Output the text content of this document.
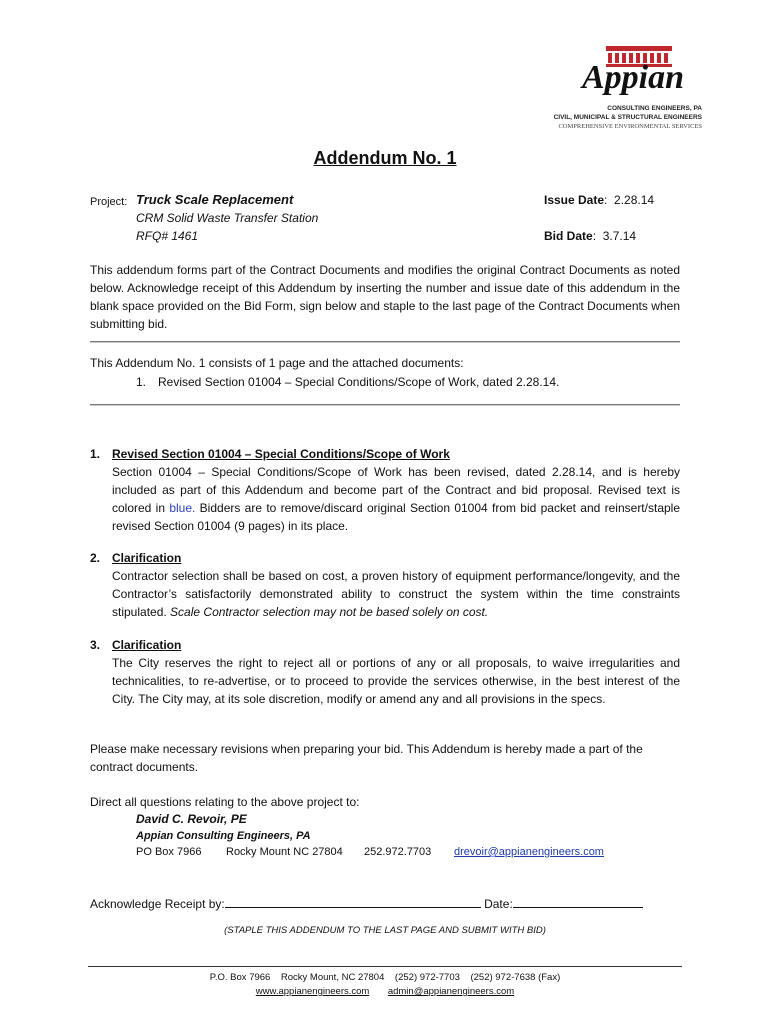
Appian
CONSULTING ENGINEERS, PA
CIVIL, MUNICIPAL & STRUCTURAL ENGINEERS
COMPREHENSIVE ENVIRONMENTAL SERVICES
Addendum No. 1
Project: Truck Scale Replacement
CRM Solid Waste Transfer Station
RFQ# 1461
Issue Date:  2.28.14
Bid Date:  3.7.14
This addendum forms part of the Contract Documents and modifies the original Contract Documents as noted below. Acknowledge receipt of this Addendum by inserting the number and issue date of this addendum in the blank space provided on the Bid Form, sign below and staple to the last page of the Contract Documents when submitting bid.
This Addendum No. 1 consists of 1 page and the attached documents:
1. Revised Section 01004 – Special Conditions/Scope of Work, dated 2.28.14.
1. Revised Section 01004 – Special Conditions/Scope of Work
Section 01004 – Special Conditions/Scope of Work has been revised, dated 2.28.14, and is hereby included as part of this Addendum and become part of the Contract and bid proposal. Revised text is colored in blue. Bidders are to remove/discard original Section 01004 from bid packet and reinsert/staple revised Section 01004 (9 pages) in its place.
2. Clarification
Contractor selection shall be based on cost, a proven history of equipment performance/longevity, and the Contractor’s satisfactorily demonstrated ability to construct the system within the time constraints stipulated. Scale Contractor selection may not be based solely on cost.
3. Clarification
The City reserves the right to reject all or portions of any or all proposals, to waive irregularities and technicalities, to re-advertise, or to proceed to provide the services otherwise, in the best interest of the City. The City may, at its sole discretion, modify or amend any and all provisions in the specs.
Please make necessary revisions when preparing your bid. This Addendum is hereby made a part of the contract documents.
Direct all questions relating to the above project to:
David C. Revoir, PE
Appian Consulting Engineers, PA
PO Box 7966 Rocky Mount NC 27804 252.972.7703 drevoir@appianengineers.com
Acknowledge Receipt by:	Date:
(STAPLE THIS ADDENDUM TO THE LAST PAGE AND SUBMIT WITH BID)
P.O. Box 7966    Rocky Mount, NC 27804    (252) 972-7703    (252) 972-7638 (Fax)
www.appianengineers.com admin@appianengineers.com
